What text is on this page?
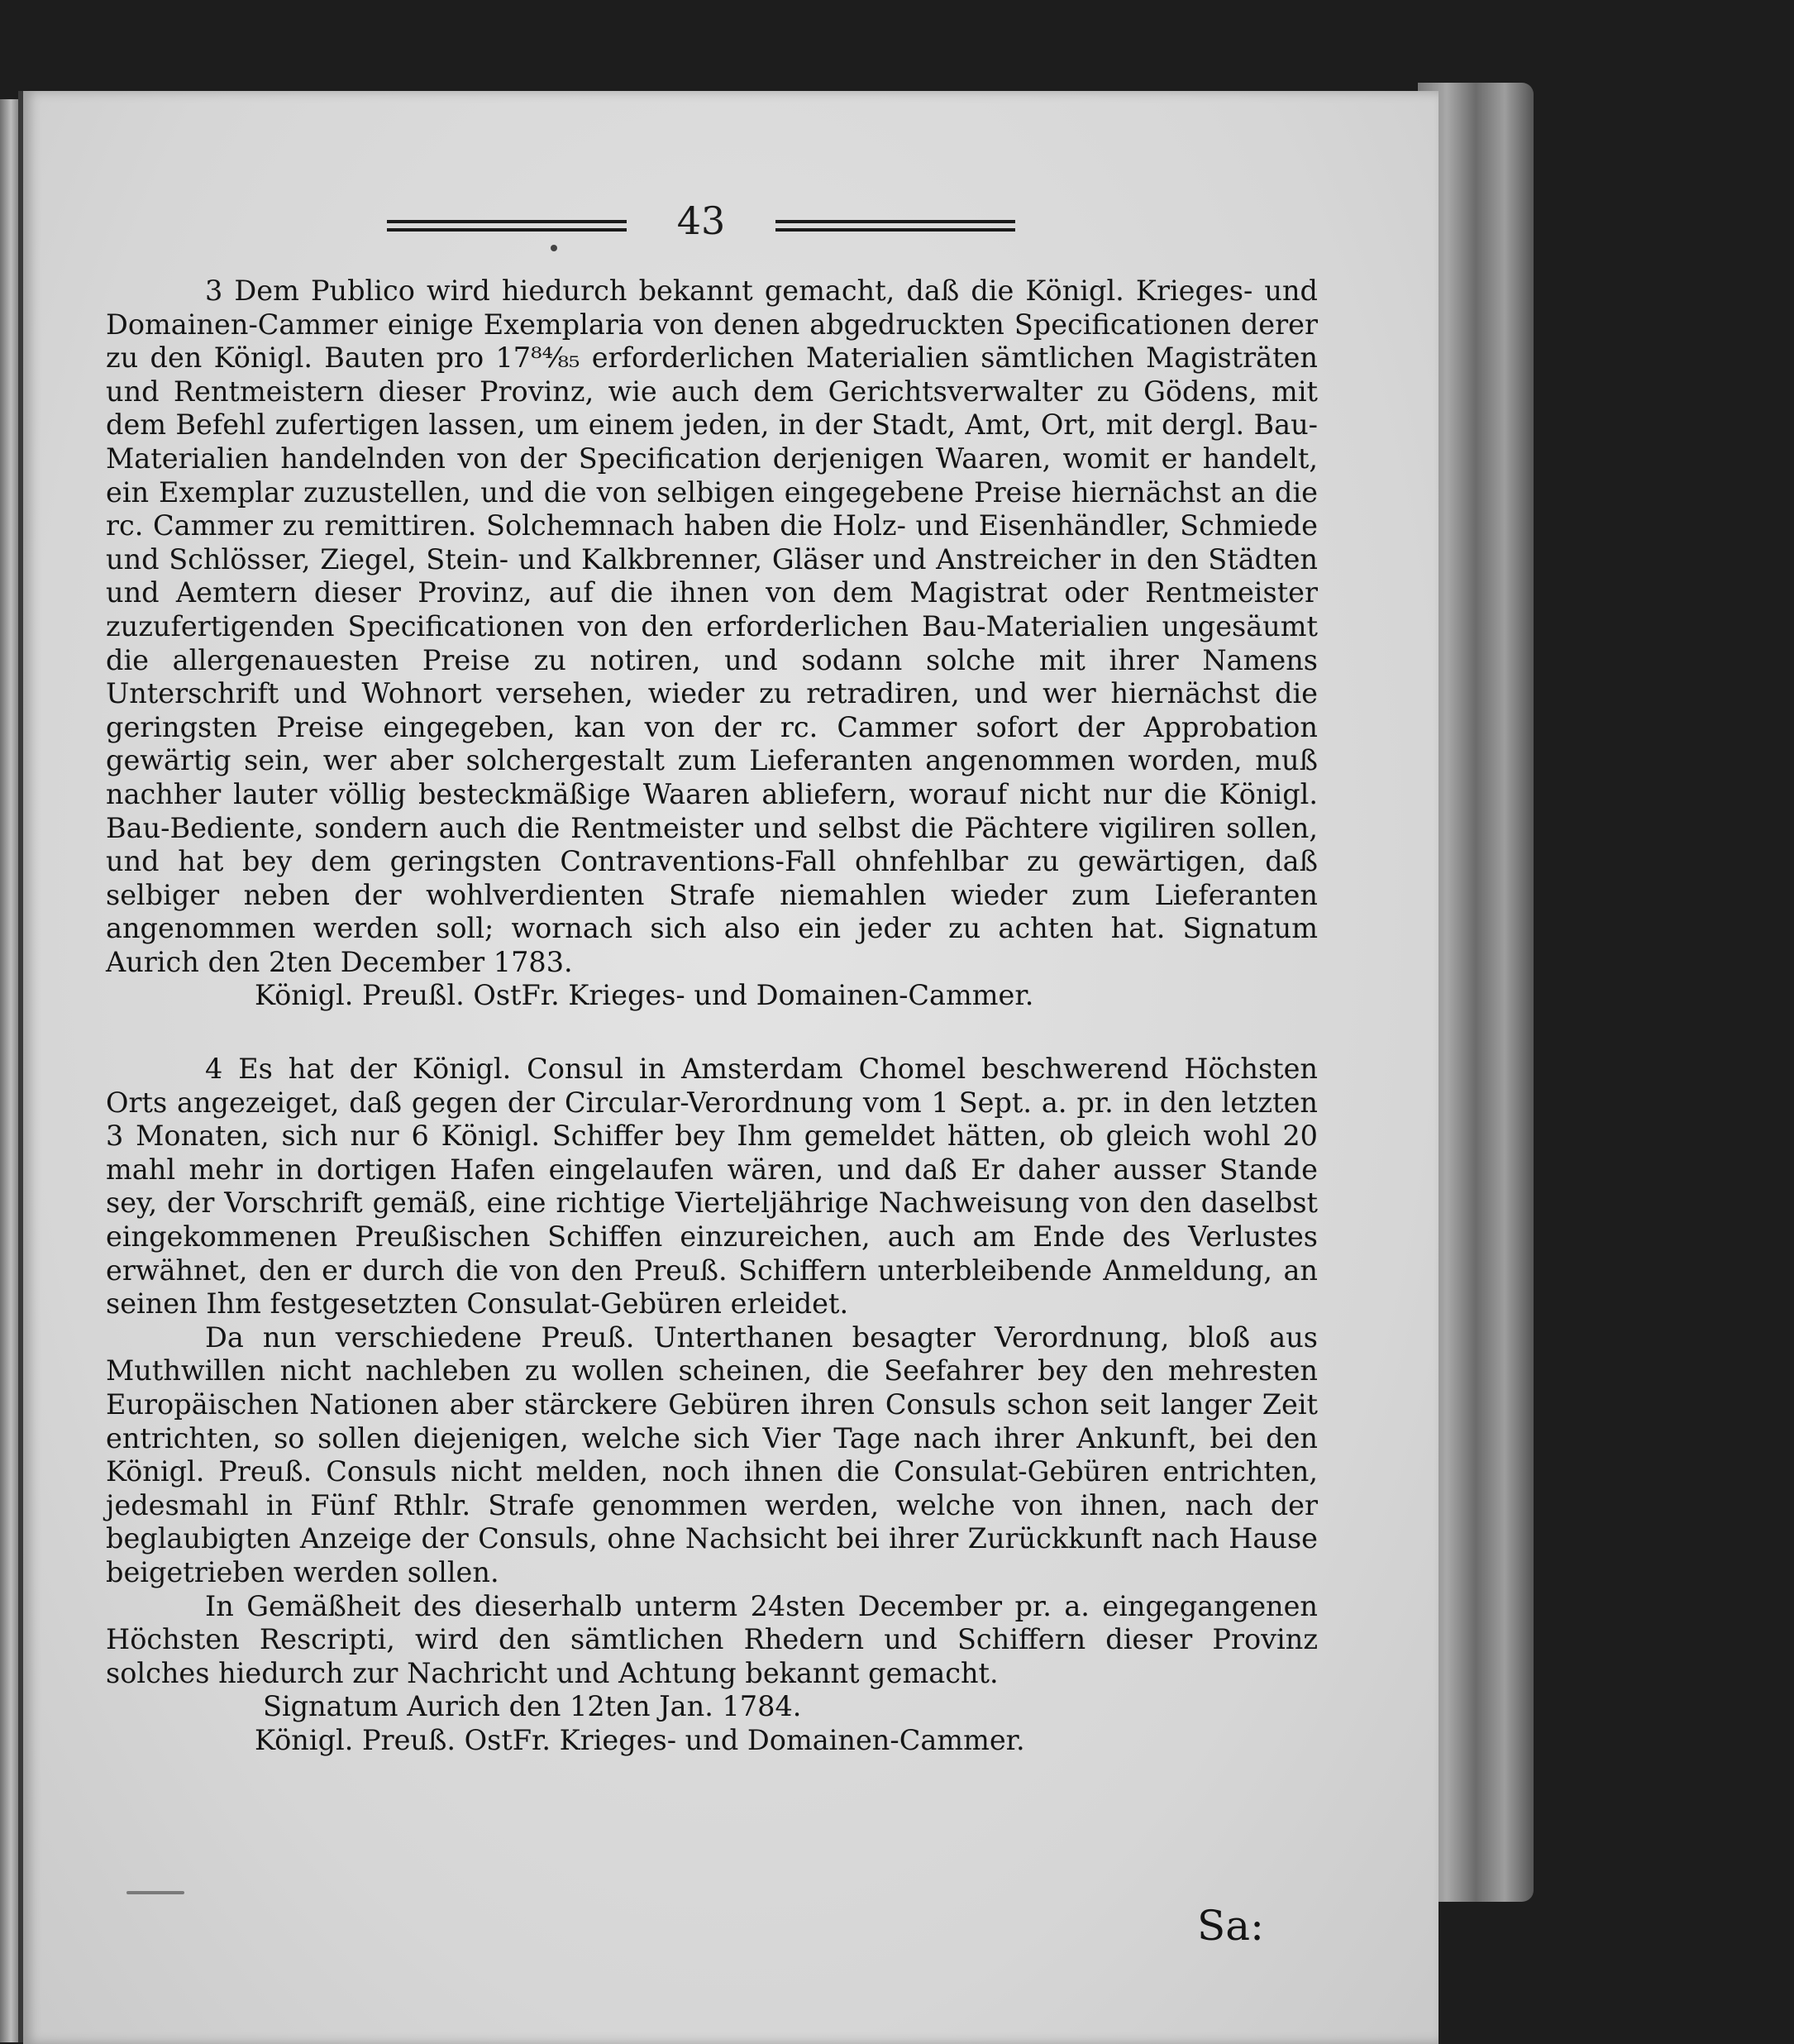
43

3 Dem Publico wird hiedurch bekannt gemacht, daß die Königl. Krieges- und Domainen-Cammer einige Exemplaria von denen abgedruckten Specificationen derer zu den Königl. Bauten pro 17⁸⁴⁄₈₅ erforderlichen Materialien sämtlichen Magisträten und Rentmeistern dieser Provinz, wie auch dem Gerichtsverwalter zu Gödens, mit dem Befehl zufertigen lassen, um einem jeden, in der Stadt, Amt, Ort, mit dergl. Bau-Materialien handelnden von der Specification derjenigen Waaren, womit er handelt, ein Exemplar zuzustellen, und die von selbigen eingegebene Preise hiernächst an die rc. Cammer zu remittiren. Solchemnach haben die Holz- und Eisenhändler, Schmiede und Schlösser, Ziegel, Stein- und Kalkbrenner, Gläser und Anstreicher in den Städten und Aemtern dieser Provinz, auf die ihnen von dem Magistrat oder Rentmeister zuzufertigenden Specificationen von den erforderlichen Bau-Materialien ungesäumt die allergenauesten Preise zu notiren, und sodann solche mit ihrer Namens Unterschrift und Wohnort versehen, wieder zu retradiren, und wer hiernächst die geringsten Preise eingegeben, kan von der rc. Cammer sofort der Approbation gewärtig sein, wer aber solchergestalt zum Lieferanten angenommen worden, muß nachher lauter völlig besteckmäßige Waaren abliefern, worauf nicht nur die Königl. Bau-Bediente, sondern auch die Rentmeister und selbst die Pächtere vigiliren sollen, und hat bey dem geringsten Contraventions-Fall ohnfehlbar zu gewärtigen, daß selbiger neben der wohlverdienten Strafe niemahlen wieder zum Lieferanten angenommen werden soll; wornach sich also ein jeder zu achten hat. Signatum Aurich den 2ten December 1783.

Königl. Preußl. OstFr. Krieges- und Domainen-Cammer.

4 Es hat der Königl. Consul in Amsterdam Chomel beschwerend Höchsten Orts angezeiget, daß gegen der Circular-Verordnung vom 1 Sept. a. pr. in den letzten 3 Monaten, sich nur 6 Königl. Schiffer bey Ihm gemeldet hätten, ob gleich wohl 20 mahl mehr in dortigen Hafen eingelaufen wären, und daß Er daher ausser Stande sey, der Vorschrift gemäß, eine richtige Vierteljährige Nachweisung von den daselbst eingekommenen Preußischen Schiffen einzureichen, auch am Ende des Verlustes erwähnet, den er durch die von den Preuß. Schiffern unterbleibende Anmeldung, an seinen Ihm festgesetzten Consulat-Gebüren erleidet.

Da nun verschiedene Preuß. Unterthanen besagter Verordnung, bloß aus Muthwillen nicht nachleben zu wollen scheinen, die Seefahrer bey den mehresten Europäischen Nationen aber stärckere Gebüren ihren Consuls schon seit langer Zeit entrichten, so sollen diejenigen, welche sich Vier Tage nach ihrer Ankunft, bei den Königl. Preuß. Consuls nicht melden, noch ihnen die Consulat-Gebüren entrichten, jedesmahl in Fünf Rthlr. Strafe genommen werden, welche von ihnen, nach der beglaubigten Anzeige der Consuls, ohne Nachsicht bei ihrer Zurückkunft nach Hause beigetrieben werden sollen.

In Gemäßheit des dieserhalb unterm 24sten December pr. a. eingegangenen Höchsten Rescripti, wird den sämtlichen Rhedern und Schiffern dieser Provinz solches hiedurch zur Nachricht und Achtung bekannt gemacht.

Signatum Aurich den 12ten Jan. 1784.

Königl. Preuß. OstFr. Krieges- und Domainen-Cammer.

Sa:
